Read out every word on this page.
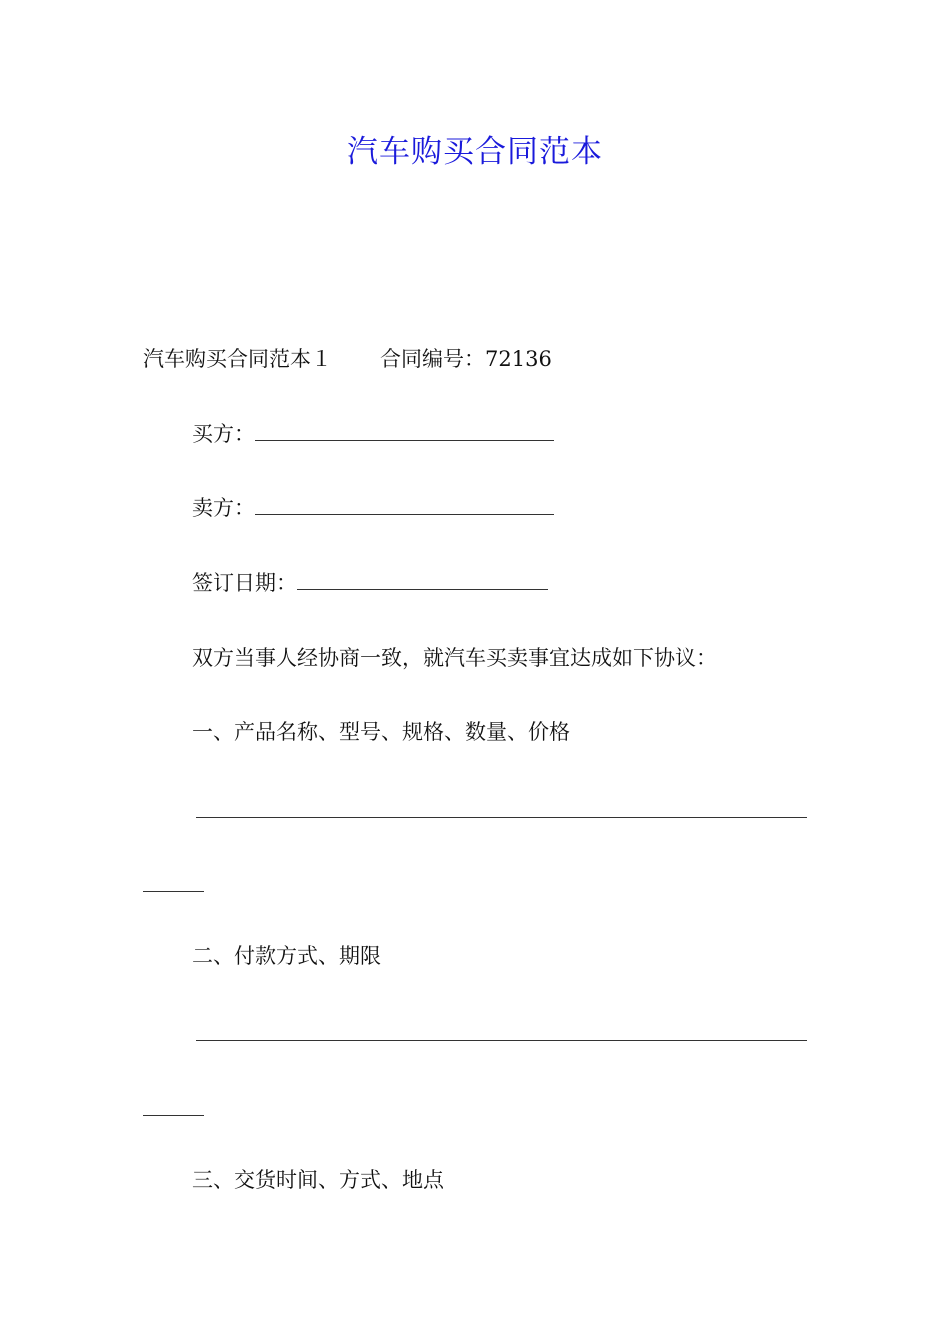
汽车购买合同范本
汽车购买合同范本１ 合同编号：72136
买方：
卖方：
签订日期：
双方当事人经协商一致，就汽车买卖事宜达成如下协议：
一、产品名称、型号、规格、数量、价格
二、付款方式、期限
三、交货时间、方式、地点
